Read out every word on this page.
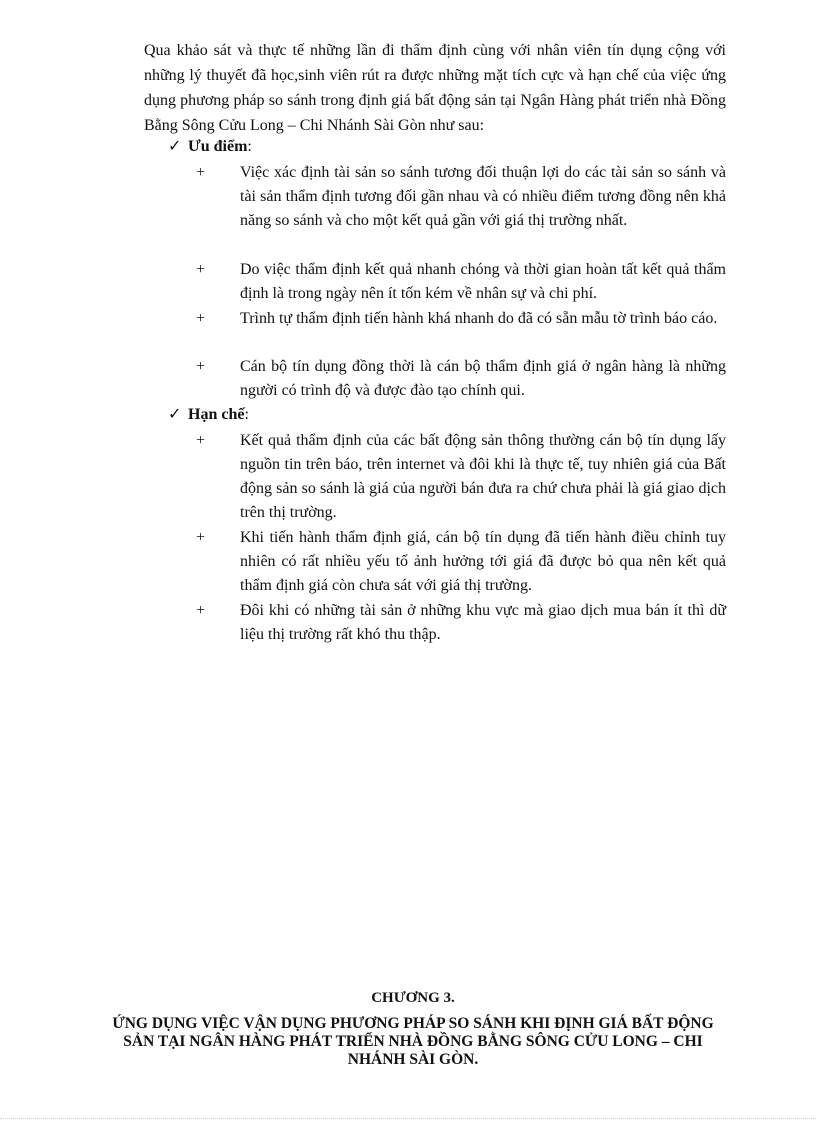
Qua khảo sát và thực tế những lần đi thẩm định cùng với nhân viên tín dụng cộng với những lý thuyết đã học,sinh viên rút ra được những mặt tích cực và hạn chế của việc ứng dụng phương pháp so sánh trong định giá bất động sản tại Ngân Hàng phát triển nhà Đồng Bằng Sông Cửu Long – Chi Nhánh Sài Gòn như sau:

✓ Ưu điểm :
+	Việc xác định tài sản so sánh tương đối thuận lợi do các tài sản so sánh và tài sản thẩm định tương đối gần nhau và có nhiều điểm tương đồng nên khả năng so sánh và cho một kết quả gần với giá thị trường nhất.

+	Do việc thẩm định kết quả nhanh chóng và thời gian hoàn tất kết quả thẩm định là trong ngày nên ít tốn kém về nhân sự và chi phí.

+	Trình tự thẩm định tiến hành khá nhanh do đã có sẵn mẫu tờ trình báo cáo.

+	Cán bộ tín dụng đồng thời là cán bộ thẩm định giá ở ngân hàng là những người có trình độ và được đào tạo chính qui.

✓ Hạn chế :
+	Kết quả thẩm định của các bất động sản thông thường cán bộ tín dụng lấy nguồn tin trên báo, trên internet và đôi khi là thực tế, tuy nhiên giá của Bất động sản so sánh là giá của người bán đưa ra chứ chưa phải là giá giao dịch trên thị trường.

+	Khi tiến hành thẩm định giá, cán bộ tín dụng đã tiến hành điều chỉnh tuy nhiên có rất nhiều yếu tố ảnh hưởng tới giá đã được bỏ qua nên kết quả thẩm định giá còn chưa sát với giá thị trường.

+	Đôi khi có những tài sản ở những khu vực mà giao dịch mua bán ít thì dữ liệu thị trường rất khó thu thập.

CHƯƠNG 3.

ỨNG DỤNG VIỆC VẬN DỤNG PHƯƠNG PHÁP SO SÁNH KHI ĐỊNH GIÁ BẤT ĐỘNG SẢN TẠI NGÂN HÀNG PHÁT TRIỂN NHÀ ĐỒNG BẰNG SÔNG CỬU LONG – CHI NHÁNH SÀI GÒN.
